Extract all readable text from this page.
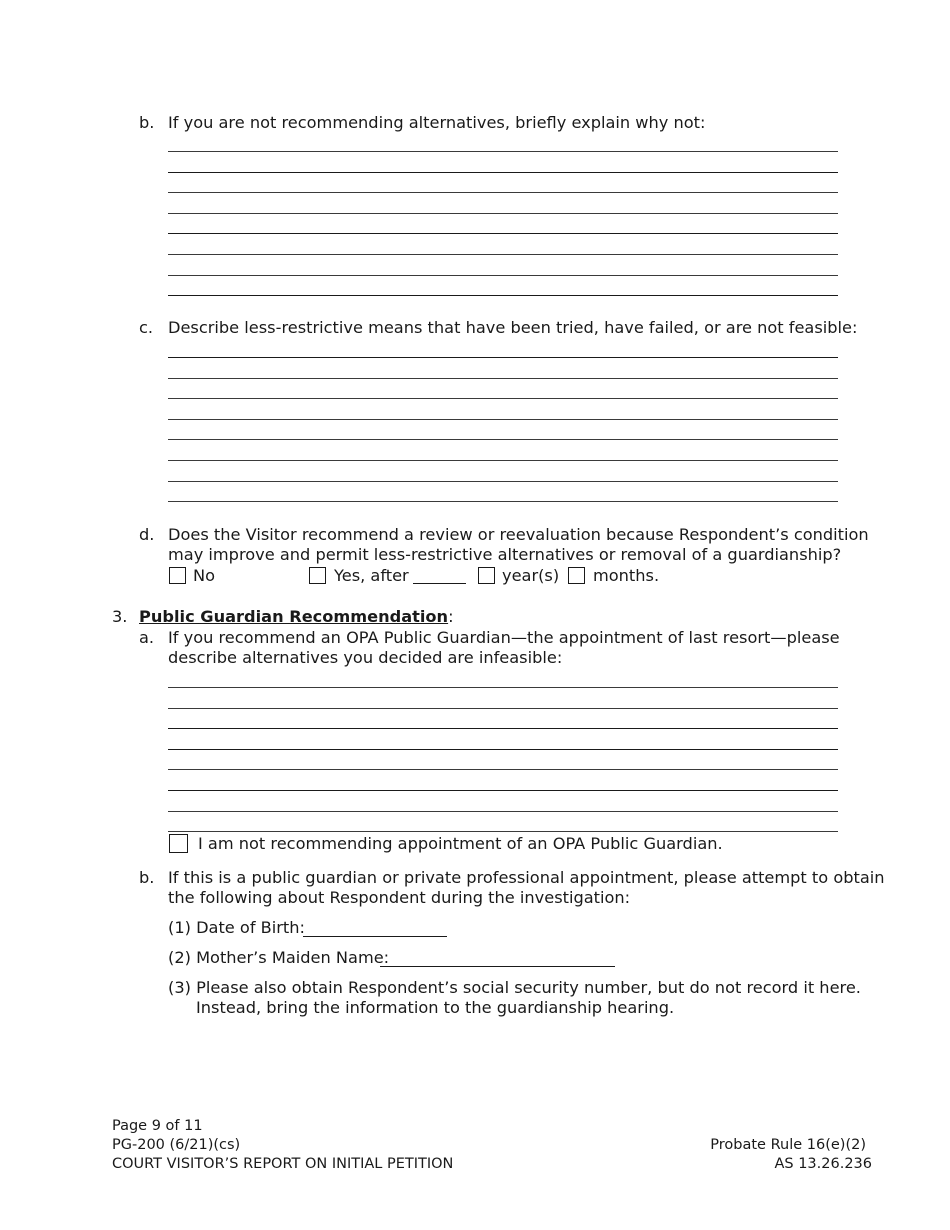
b. If you are not recommending alternatives, briefly explain why not:
c. Describe less-restrictive means that have been tried, have failed, or are not feasible:
d. Does the Visitor recommend a review or reevaluation because Respondent’s condition
may improve and permit less-restrictive alternatives or removal of a guardianship?
No	Yes, after	year(s) months.
3. Public Guardian Recommendation:
a. If you recommend an OPA Public Guardian—the appointment of last resort—please
describe alternatives you decided are infeasible:
I am not recommending appointment of an OPA Public Guardian.
b. If this is a public guardian or private professional appointment, please attempt to obtain
the following about Respondent during the investigation:
(1) Date of Birth:
(2) Mother’s Maiden Name:
(3) Please also obtain Respondent’s social security number, but do not record it here.
Instead, bring the information to the guardianship hearing.
Page 9 of 11
PG-200 (6/21)(cs)
COURT VISITOR’S REPORT ON INITIAL PETITION
Probate Rule 16(e)(2)
AS 13.26.236
